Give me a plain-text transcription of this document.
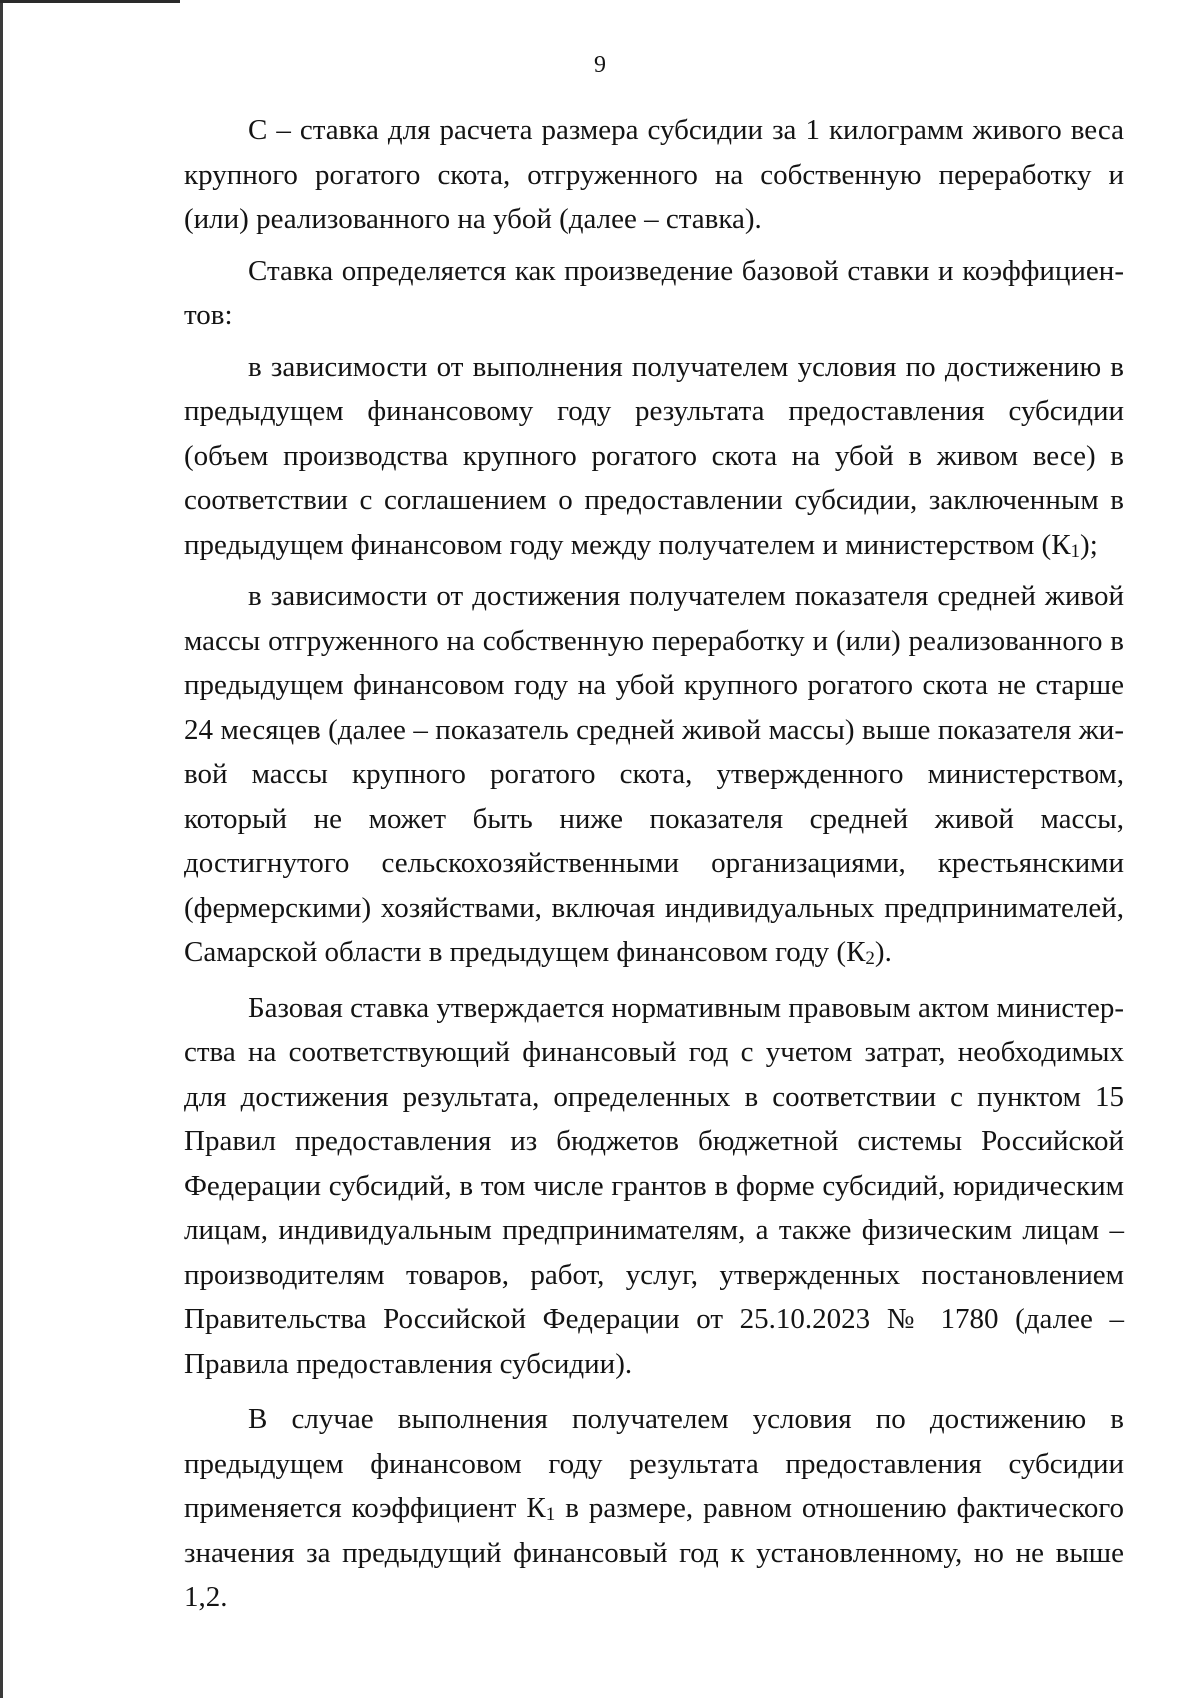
9

С – ставка для расчета размера субсидии за 1 килограмм живого веса крупного рогатого скота, отгруженного на собственную переработку и (или) реализованного на убой (далее – ставка).

Ставка определяется как произведение базовой ставки и коэффициентов:

в зависимости от выполнения получателем условия по достижению в предыдущем финансовому году результата предоставления субсидии (объем производства крупного рогатого скота на убой в живом весе) в соответствии с соглашением о предоставлении субсидии, заключенным в предыдущем финансовом году между получателем и министерством $(К_1)$;

в зависимости от достижения получателем показателя средней живой массы отгруженного на собственную переработку и (или) реализованного в предыдущем финансовом году на убой крупного рогатого скота не старше 24 месяцев (далее – показатель средней живой массы) выше показателя живой массы крупного рогатого скота, утвержденного министерством, который не может быть ниже показателя средней живой массы, достигнутого сельскохозяйственными организациями, крестьянскими (фермерскими) хозяйствами, включая индивидуальных предпринимателей, Самарской области в предыдущем финансовом году $(К_2)$.

Базовая ставка утверждается нормативным правовым актом министерства на соответствующий финансовый год с учетом затрат, необходимых для достижения результата, определенных в соответствии с пунктом 15 Правил предоставления из бюджетов бюджетной системы Российской Федерации субсидий, в том числе грантов в форме субсидий, юридическим лицам, индивидуальным предпринимателям, а также физическим лицам – производителям товаров, работ, услуг, утвержденных постановлением Правительства Российской Федерации от 25.10.2023 № 1780 (далее – Правила предоставления субсидии).

В случае выполнения получателем условия по достижению в предыдущем финансовом году результата предоставления субсидии применяется коэффициент $К_1$ в размере, равном отношению фактического значения за предыдущий финансовый год к установленному, но не выше 1,2.
